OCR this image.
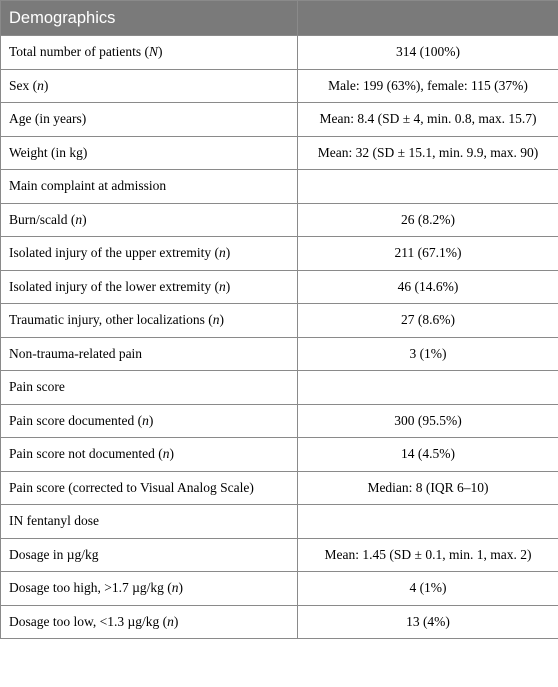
Demographics	
Total number of patients (N)	314 (100%)
Sex (n)	Male: 199 (63%), female: 115 (37%)
Age (in years)	Mean: 8.4 (SD ± 4, min. 0.8, max. 15.7)
Weight (in kg)	Mean: 32 (SD ± 15.1, min. 9.9, max. 90)
Main complaint at admission	
Burn/scald (n)	26 (8.2%)
Isolated injury of the upper extremity (n)	211 (67.1%)
Isolated injury of the lower extremity (n)	46 (14.6%)
Traumatic injury, other localizations (n)	27 (8.6%)
Non-trauma-related pain	3 (1%)
Pain score	
Pain score documented (n)	300 (95.5%)
Pain score not documented (n)	14 (4.5%)
Pain score (corrected to Visual Analog Scale)	Median: 8 (IQR 6–10)
IN fentanyl dose	
Dosage in µg/kg	Mean: 1.45 (SD ± 0.1, min. 1, max. 2)
Dosage too high, >1.7 µg/kg (n)	4 (1%)
Dosage too low, <1.3 µg/kg (n)	13 (4%)
